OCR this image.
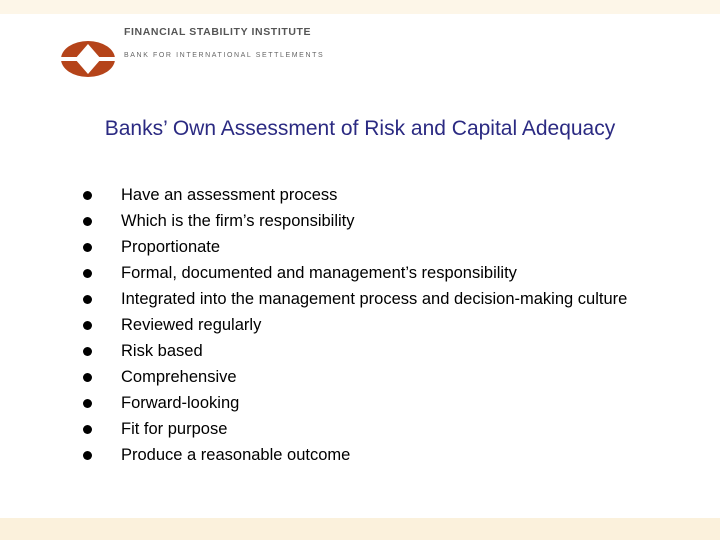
FINANCIAL STABILITY INSTITUTE
BANK FOR INTERNATIONAL SETTLEMENTS
Banks’ Own Assessment of Risk and Capital Adequacy
Have an assessment process
Which is the firm’s responsibility
Proportionate
Formal, documented and management’s responsibility
Integrated into the management process and decision-making culture
Reviewed regularly
Risk based
Comprehensive
Forward-looking
Fit for purpose
Produce a reasonable outcome
